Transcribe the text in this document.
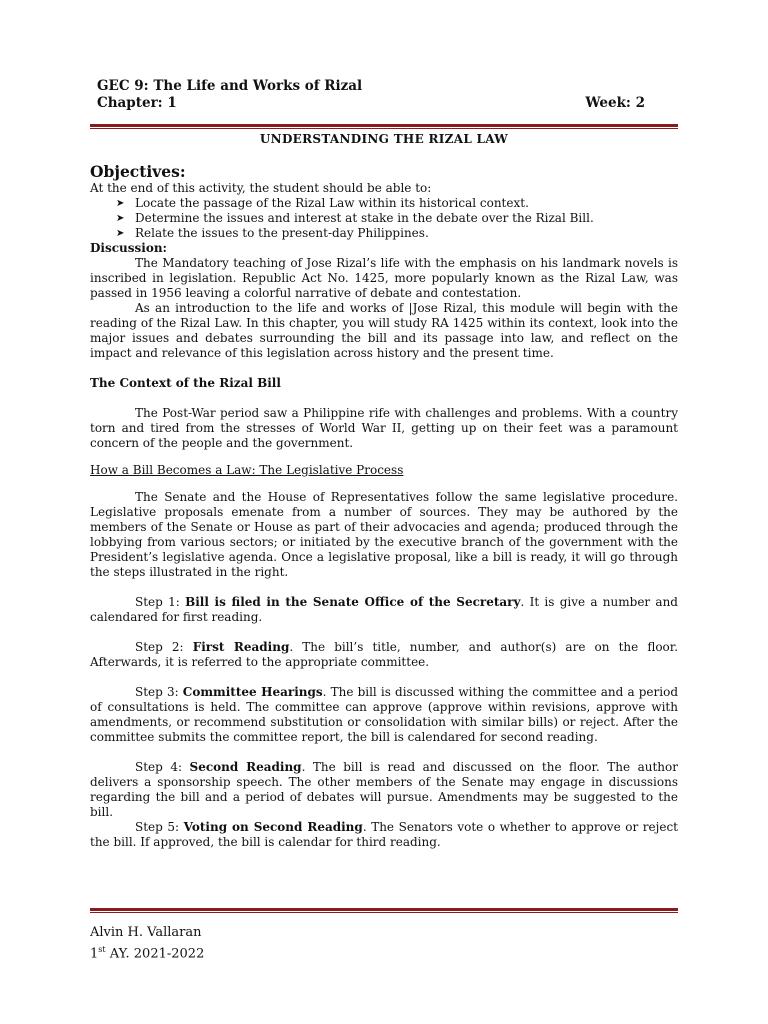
GEC 9: The Life and Works of Rizal
Chapter: 1	Week: 2
UNDERSTANDING THE RIZAL LAW
Objectives:

At the end of this activity, the student should be able to:

➤ Locate the passage of the Rizal Law within its historical context.
➤ Determine the issues and interest at stake in the debate over the Rizal Bill.
➤ Relate the issues to the present-day Philippines.

Discussion:

The Mandatory teaching of Jose Rizal’s life with the emphasis on his landmark novels is inscribed in legislation. Republic Act No. 1425, more popularly known as the Rizal Law, was passed in 1956 leaving a colorful narrative of debate and contestation.

As an introduction to the life and works of |Jose Rizal, this module will begin with the reading of the Rizal Law. In this chapter, you will study RA 1425 within its context, look into the major issues and debates surrounding the bill and its passage into law, and reflect on the impact and relevance of this legislation across history and the present time.

The Context of the Rizal Bill

The Post-War period saw a Philippine rife with challenges and problems. With a country torn and tired from the stresses of World War II, getting up on their feet was a paramount concern of the people and the government.

How a Bill Becomes a Law: The Legislative Process

The Senate and the House of Representatives follow the same legislative procedure. Legislative proposals emenate from a number of sources. They may be authored by the members of the Senate or House as part of their advocacies and agenda; produced through the lobbying from various sectors; or initiated by the executive branch of the government with the President’s legislative agenda. Once a legislative proposal, like a bill is ready, it will go through the steps illustrated in the right.

Step 1: Bill is filed in the Senate Office of the Secretary. It is give a number and calendared for first reading.

Step 2: First Reading. The bill’s title, number, and author(s) are on the floor. Afterwards, it is referred to the appropriate committee.

Step 3: Committee Hearings. The bill is discussed withing the committee and a period of consultations is held. The committee can approve (approve within revisions, approve with amendments, or recommend substitution or consolidation with similar bills) or reject. After the committee submits the committee report, the bill is calendared for second reading.

Step 4: Second Reading. The bill is read and discussed on the floor. The author delivers a sponsorship speech. The other members of the Senate may engage in discussions regarding the bill and a period of debates will pursue. Amendments may be suggested to the bill.

Step 5: Voting on Second Reading. The Senators vote o whether to approve or reject the bill. If approved, the bill is calendar for third reading.

Alvin H. Vallaran
1st AY. 2021-2022
